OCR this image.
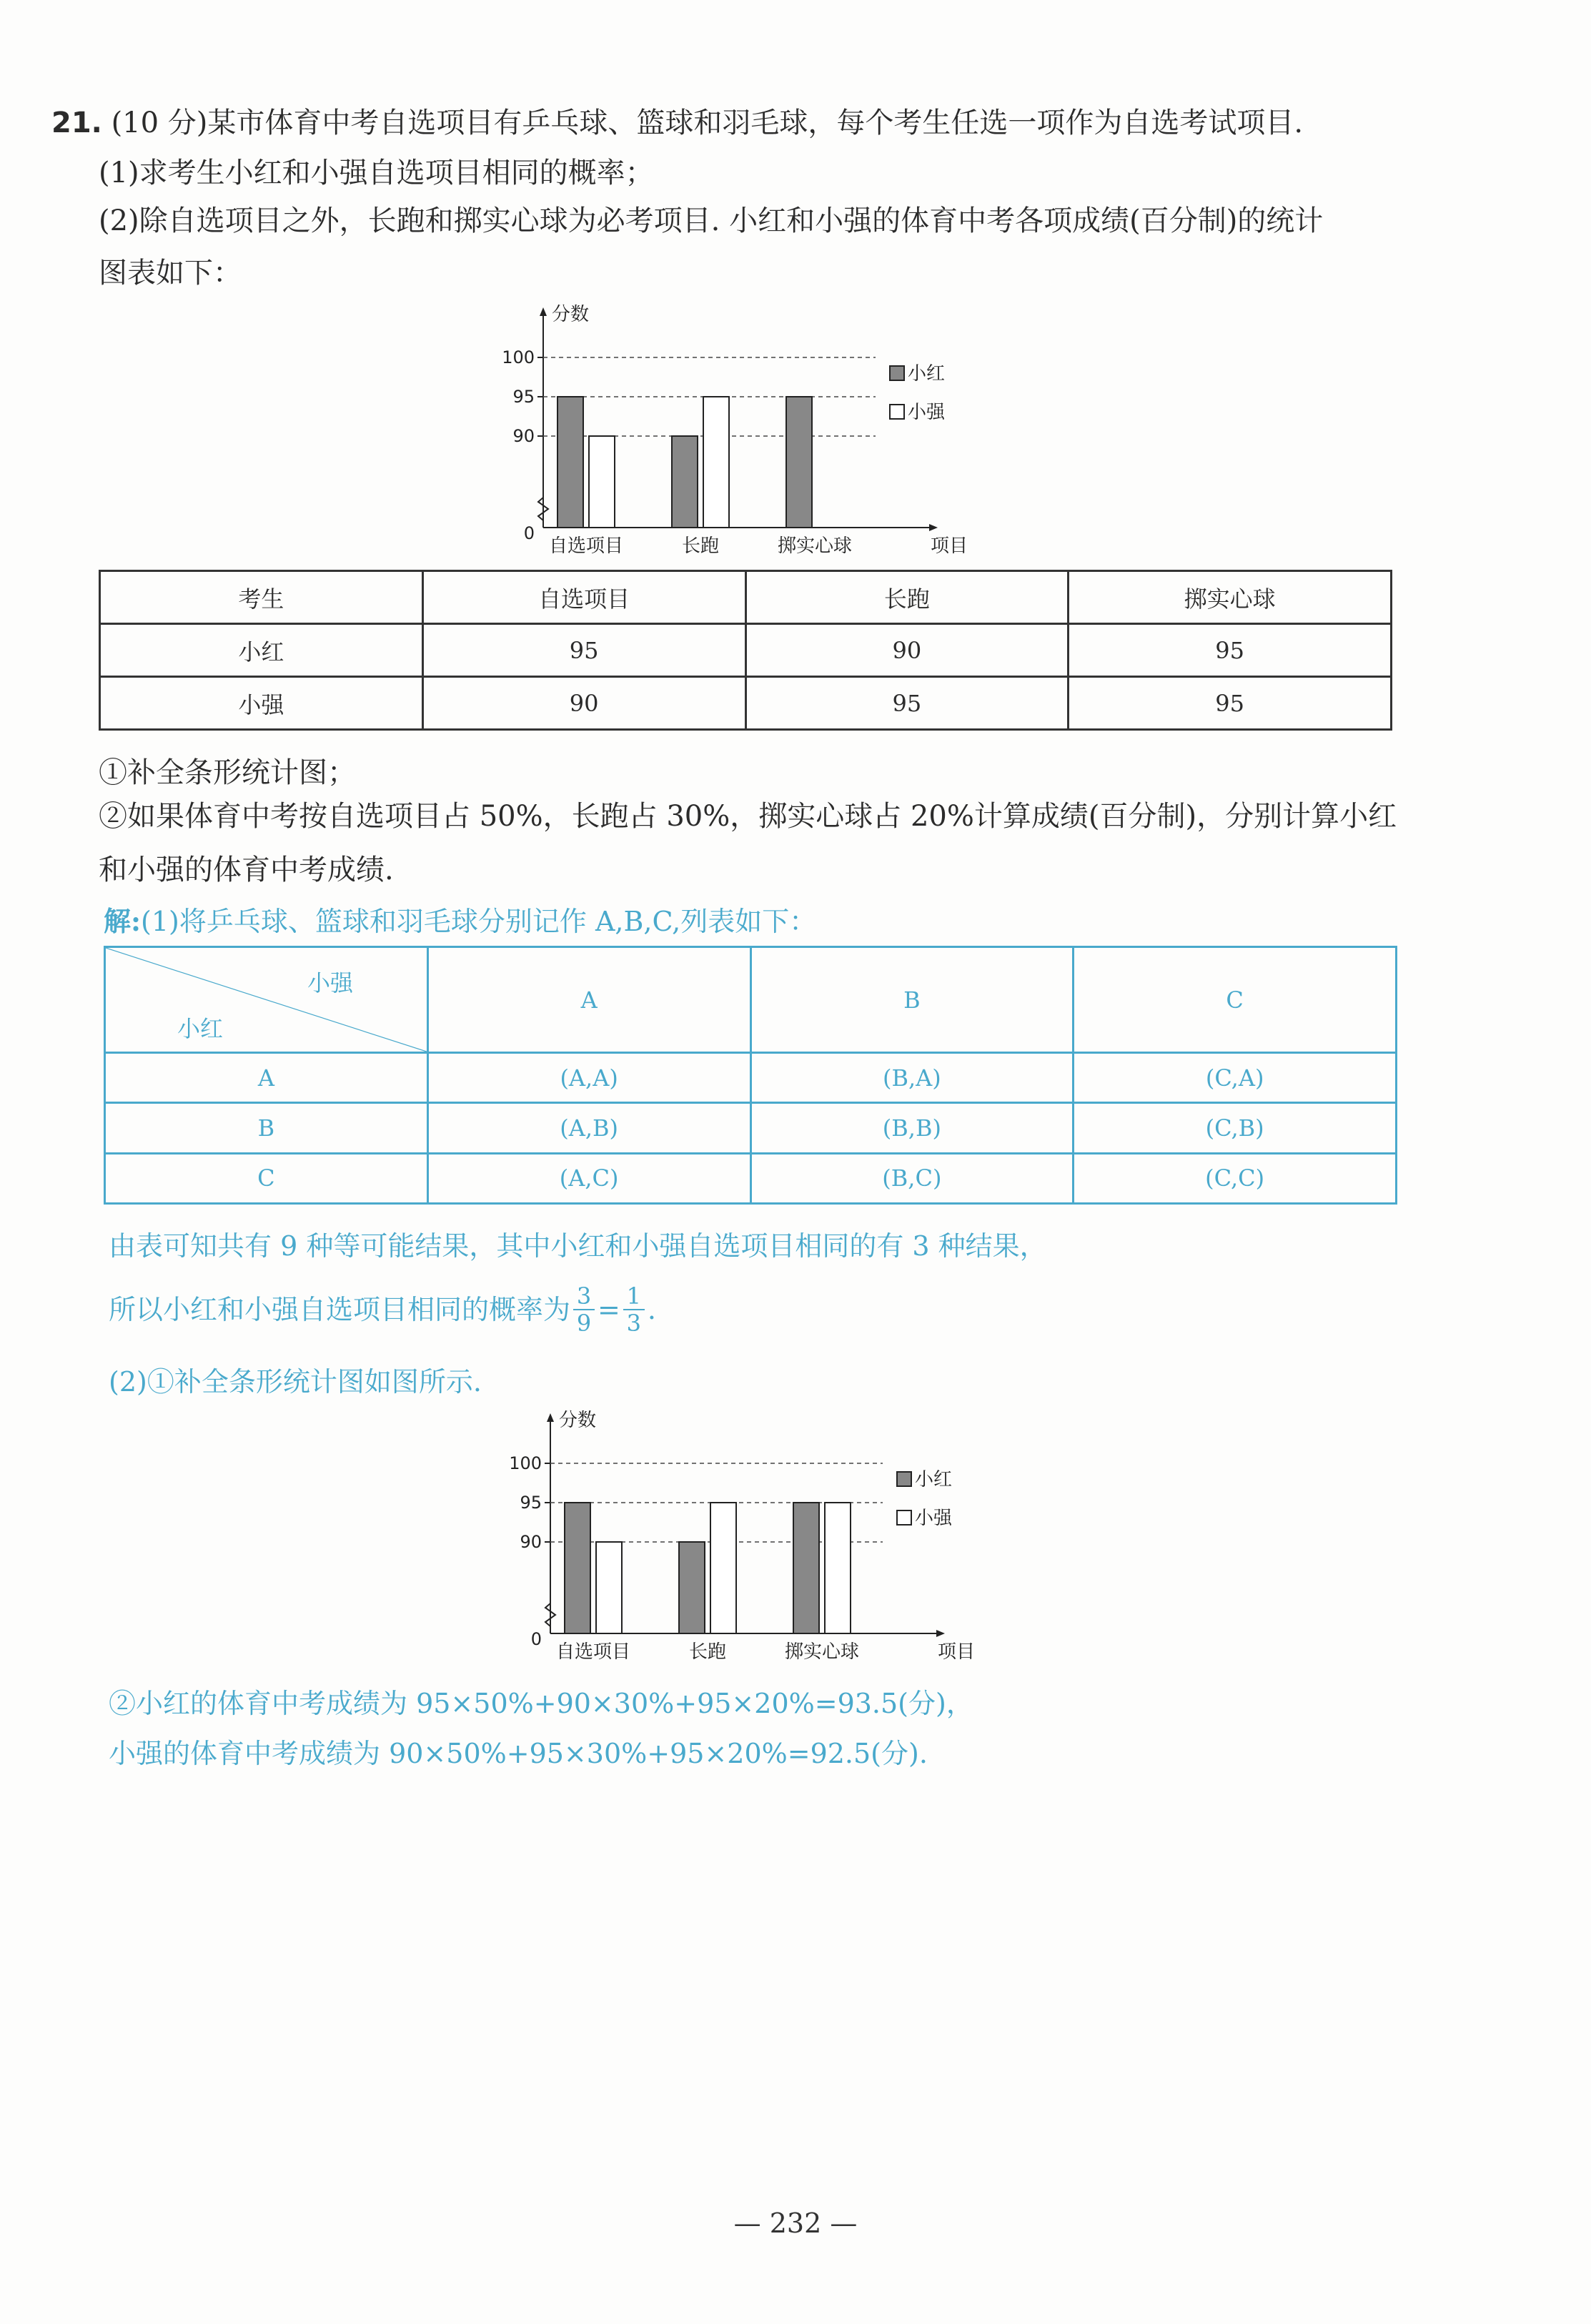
21. (10 分)某市体育中考自选项目有乒乓球、篮球和羽毛球，每个考生任选一项作为自选考试项目.
(1)求考生小红和小强自选项目相同的概率；
(2)除自选项目之外，长跑和掷实心球为必考项目. 小红和小强的体育中考各项成绩(百分制)的统计
图表如下：
分数
项目
0
90
95
100
自选项目	长跑	掷实心球
小红
小强
考生	自选项目	长跑	掷实心球
小红	95	90	95
小强	90	95	95
①补全条形统计图；
②如果体育中考按自选项目占 50%，长跑占 30%，掷实心球占 20%计算成绩(百分制)，分别计算小红
和小强的体育中考成绩.
解:(1)将乒乓球、篮球和羽毛球分别记作 A,B,C,列表如下：
小强
小红	A	B	C
A	(A,A)	(B,A)	(C,A)
B	(A,B)	(B,B)	(C,B)
C	(A,C)	(B,C)	(C,C)
由表可知共有 9 种等可能结果，其中小红和小强自选项目相同的有 3 种结果，
所以小红和小强自选项目相同的概率为 $\frac{3}{9} = \frac{1}{3}$ .
(2)①补全条形统计图如图所示.
分数
项目
0
90
95
100
自选项目	长跑	掷实心球
小红
小强
②小红的体育中考成绩为 95×50%+90×30%+95×20%=93.5(分)，
小强的体育中考成绩为 90×50%+95×30%+95×20%=92.5(分).
— 232 —
